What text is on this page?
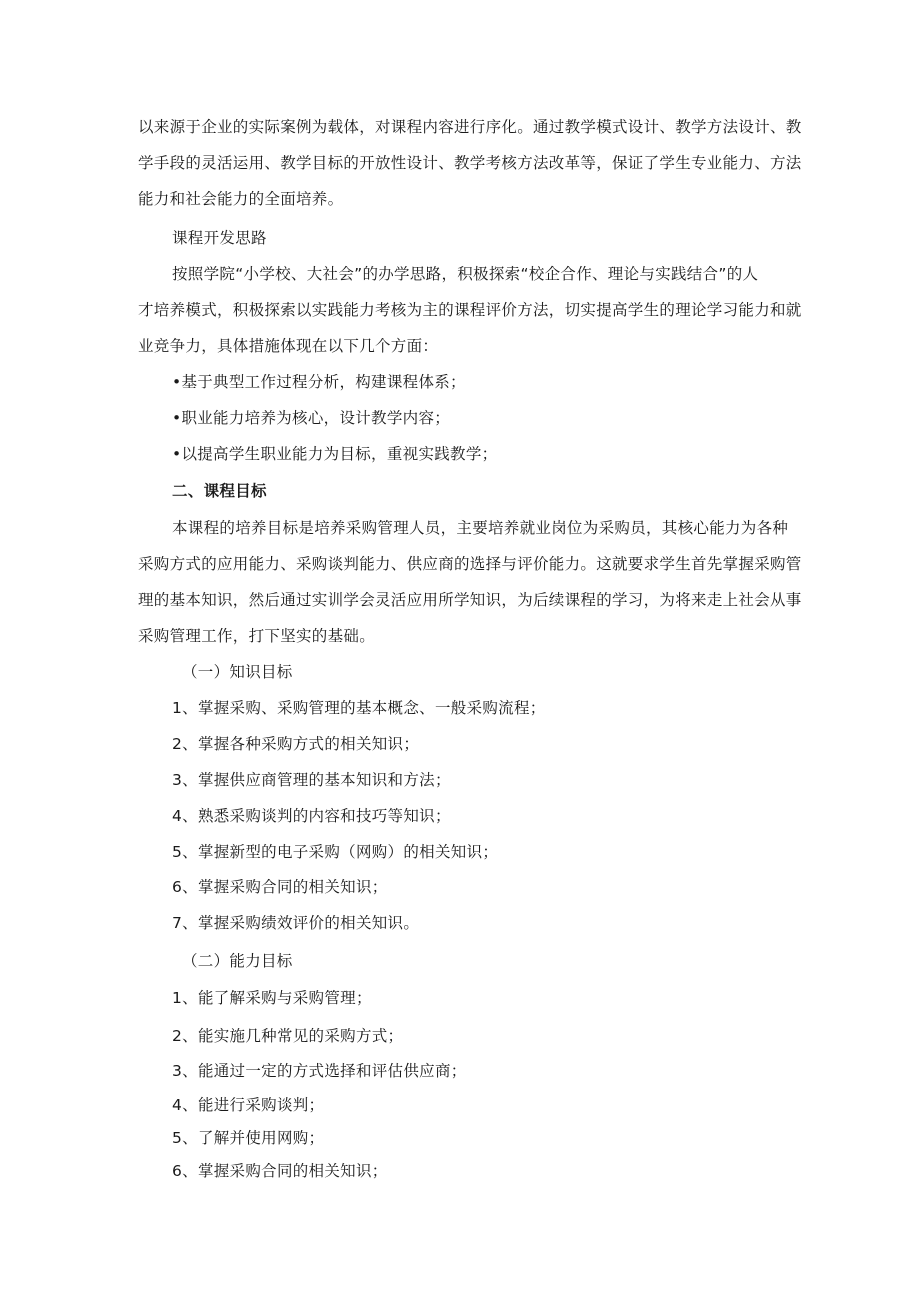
以来源于企业的实际案例为载体，对课程内容进行序化。通过教学模式设计、教学方法设计、教
学手段的灵活运用、教学目标的开放性设计、教学考核方法改革等，保证了学生专业能力、方法
能力和社会能力的全面培养。
课程开发思路
按照学院“小学校、大社会”的办学思路，积极探索“校企合作、理论与实践结合”的人
才培养模式，积极探索以实践能力考核为主的课程评价方法，切实提高学生的理论学习能力和就
业竞争力，具体措施体现在以下几个方面：
•基于典型工作过程分析，构建课程体系；
•职业能力培养为核心，设计教学内容；
•以提高学生职业能力为目标，重视实践教学；
二、课程目标
本课程的培养目标是培养采购管理人员，主要培养就业岗位为采购员，其核心能力为各种
采购方式的应用能力、采购谈判能力、供应商的选择与评价能力。这就要求学生首先掌握采购管
理的基本知识，然后通过实训学会灵活应用所学知识，为后续课程的学习，为将来走上社会从事
采购管理工作，打下坚实的基础。
（一）知识目标
1、掌握采购、采购管理的基本概念、一般采购流程；
2、掌握各种采购方式的相关知识；
3、掌握供应商管理的基本知识和方法；
4、熟悉采购谈判的内容和技巧等知识；
5、掌握新型的电子采购（网购）的相关知识；
6、掌握采购合同的相关知识；
7、掌握采购绩效评价的相关知识。
（二）能力目标
1、能了解采购与采购管理；
2、能实施几种常见的采购方式；
3、能通过一定的方式选择和评估供应商；
4、能进行采购谈判；
5、了解并使用网购；
6、掌握采购合同的相关知识；
